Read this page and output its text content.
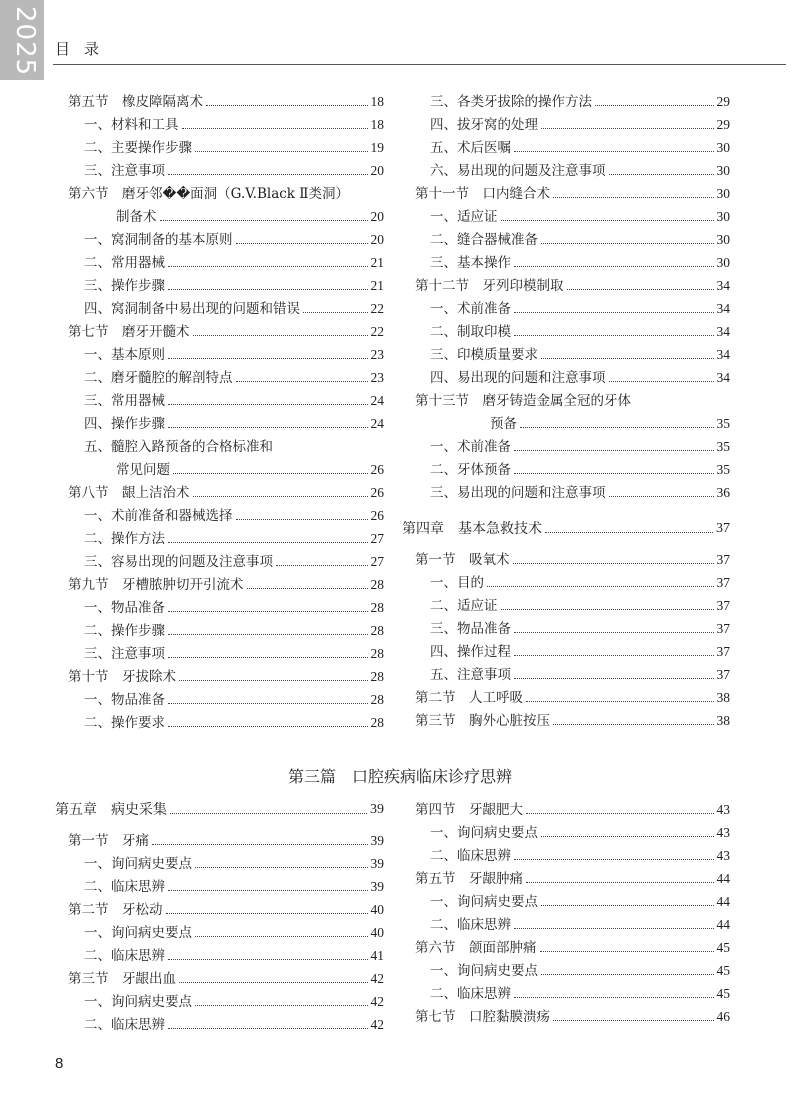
2025 目录
第五节　橡皮障隔离术	18
一、材料和工具	18
二、主要操作步骤	19
三、注意事项	20
第六节　磨牙邻��面洞（G.V.Black Ⅱ类洞）
制备术	20
一、窝洞制备的基本原则	20
二、常用器械	21
三、操作步骤	21
四、窝洞制备中易出现的问题和错误	22
第七节　磨牙开髓术	22
一、基本原则	23
二、磨牙髓腔的解剖特点	23
三、常用器械	24
四、操作步骤	24
五、髓腔入路预备的合格标准和
常见问题	26
第八节　龈上洁治术	26
一、术前准备和器械选择	26
二、操作方法	27
三、容易出现的问题及注意事项	27
第九节　牙槽脓肿切开引流术	28
一、物品准备	28
二、操作步骤	28
三、注意事项	28
第十节　牙拔除术	28
一、物品准备	28
二、操作要求	28
三、各类牙拔除的操作方法	29
四、拔牙窝的处理	29
五、术后医嘱	30
六、易出现的问题及注意事项	30
第十一节　口内缝合术	30
一、适应证	30
二、缝合器械准备	30
三、基本操作	30
第十二节　牙列印模制取	34
一、术前准备	34
二、制取印模	34
三、印模质量要求	34
四、易出现的问题和注意事项	34
第十三节　磨牙铸造金属全冠的牙体
预备	35
一、术前准备	35
二、牙体预备	35
三、易出现的问题和注意事项	36
第四章　基本急救技术	37
第一节　吸氧术	37
一、目的	37
二、适应证	37
三、物品准备	37
四、操作过程	37
五、注意事项	37
第二节　人工呼吸	38
第三节　胸外心脏按压	38
第三篇　口腔疾病临床诊疗思辨
第五章　病史采集	39
第一节　牙痛	39
一、询问病史要点	39
二、临床思辨	39
第二节　牙松动	40
一、询问病史要点	40
二、临床思辨	41
第三节　牙龈出血	42
一、询问病史要点	42
二、临床思辨	42
第四节　牙龈肥大	43
一、询问病史要点	43
二、临床思辨	43
第五节　牙龈肿痛	44
一、询问病史要点	44
二、临床思辨	44
第六节　颌面部肿痛	45
一、询问病史要点	45
二、临床思辨	45
第七节　口腔黏膜溃疡	46
8
